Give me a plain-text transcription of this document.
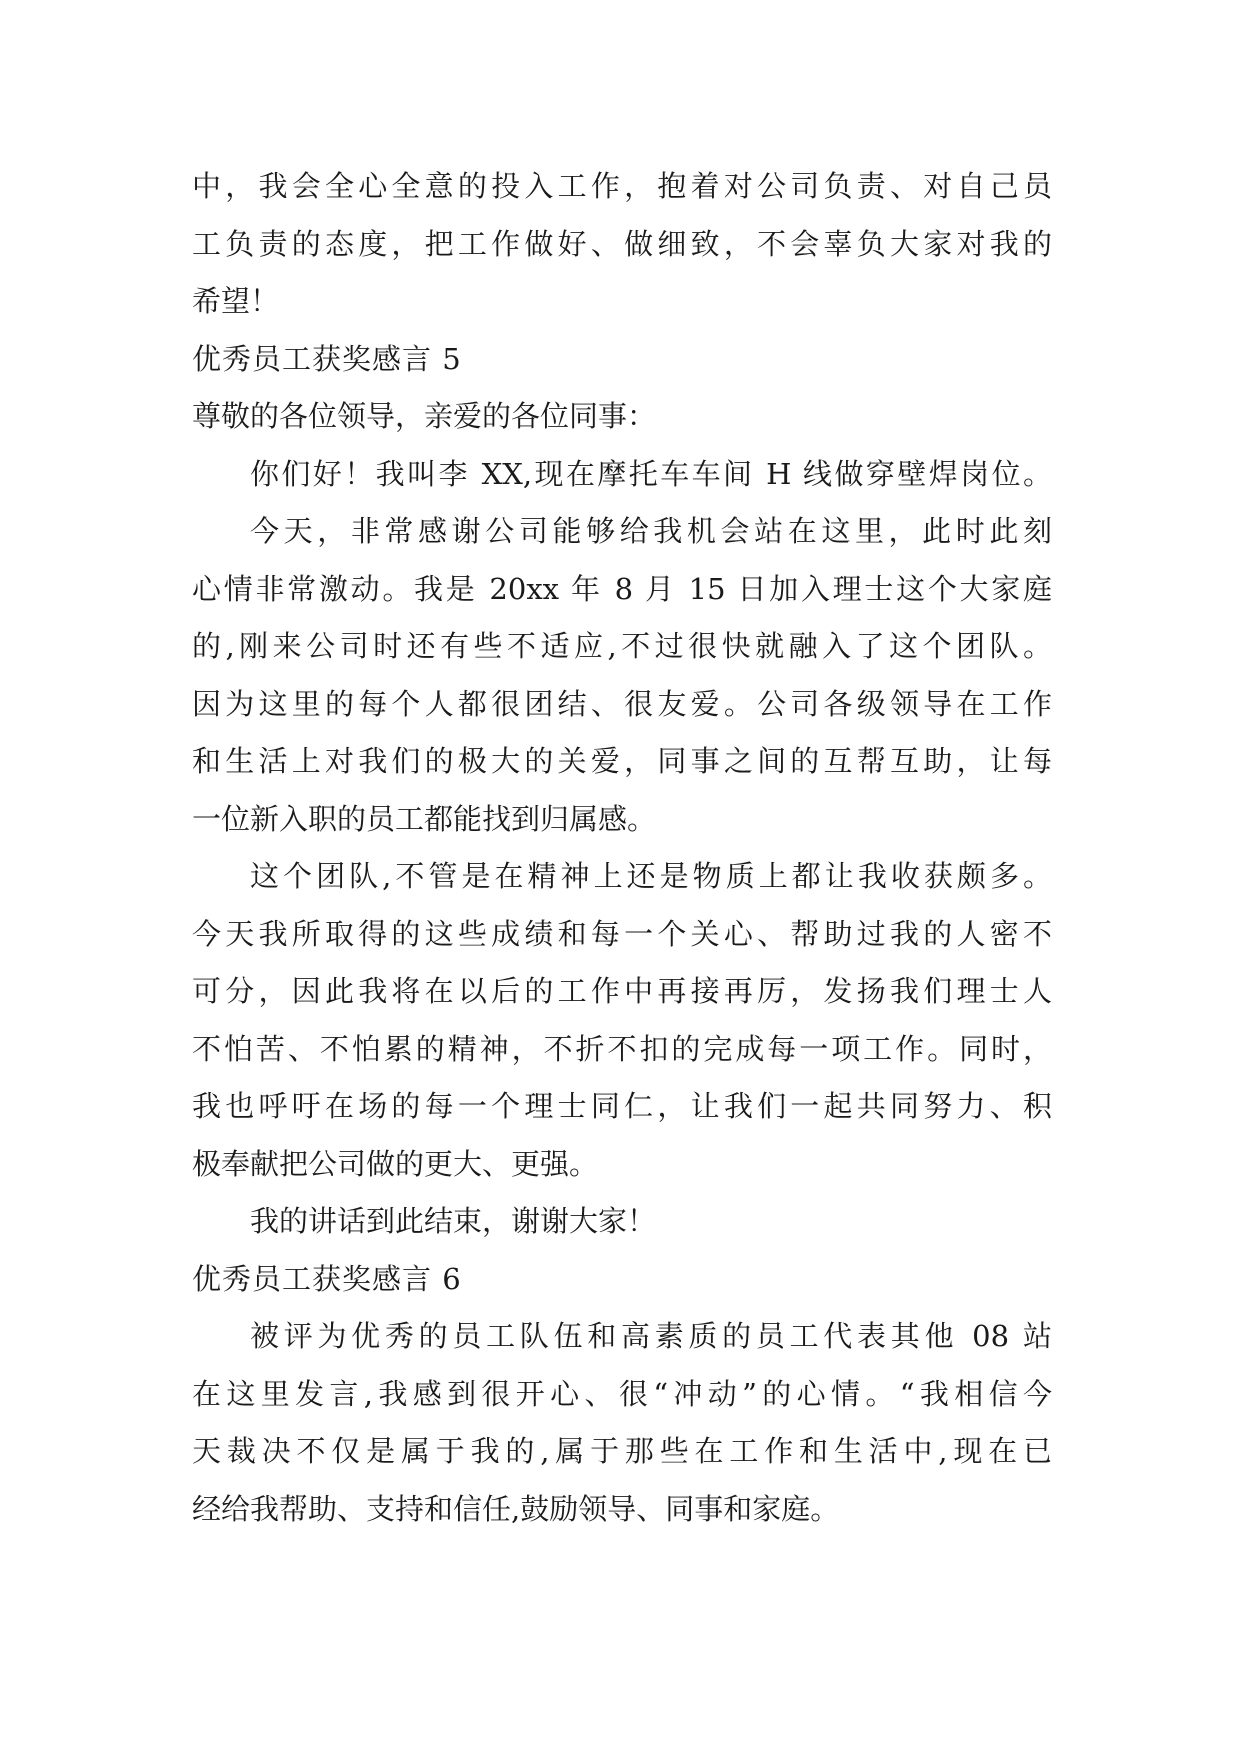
中，我会全心全意的投入工作，抱着对公司负责、对自己员
工负责的态度，把工作做好、做细致，不会辜负大家对我的
希望！
优秀员工获奖感言 5
尊敬的各位领导，亲爱的各位同事：
你们好！我叫李 XX,现在摩托车车间 H 线做穿壁焊岗位。
今天，非常感谢公司能够给我机会站在这里，此时此刻
心情非常激动。我是 20xx 年 8 月 15 日加入理士这个大家庭
的,刚来公司时还有些不适应,不过很快就融入了这个团队。
因为这里的每个人都很团结、很友爱。公司各级领导在工作
和生活上对我们的极大的关爱，同事之间的互帮互助，让每
一位新入职的员工都能找到归属感。
这个团队,不管是在精神上还是物质上都让我收获颇多。
今天我所取得的这些成绩和每一个关心、帮助过我的人密不
可分，因此我将在以后的工作中再接再厉，发扬我们理士人
不怕苦、不怕累的精神，不折不扣的完成每一项工作。同时，
我也呼吁在场的每一个理士同仁，让我们一起共同努力、积
极奉献把公司做的更大、更强。
我的讲话到此结束，谢谢大家！
优秀员工获奖感言 6
被评为优秀的员工队伍和高素质的员工代表其他 08 站
在这里发言,我感到很开心、很“冲动”的心情。“我相信今
天裁决不仅是属于我的,属于那些在工作和生活中,现在已
经给我帮助、支持和信任,鼓励领导、同事和家庭。
